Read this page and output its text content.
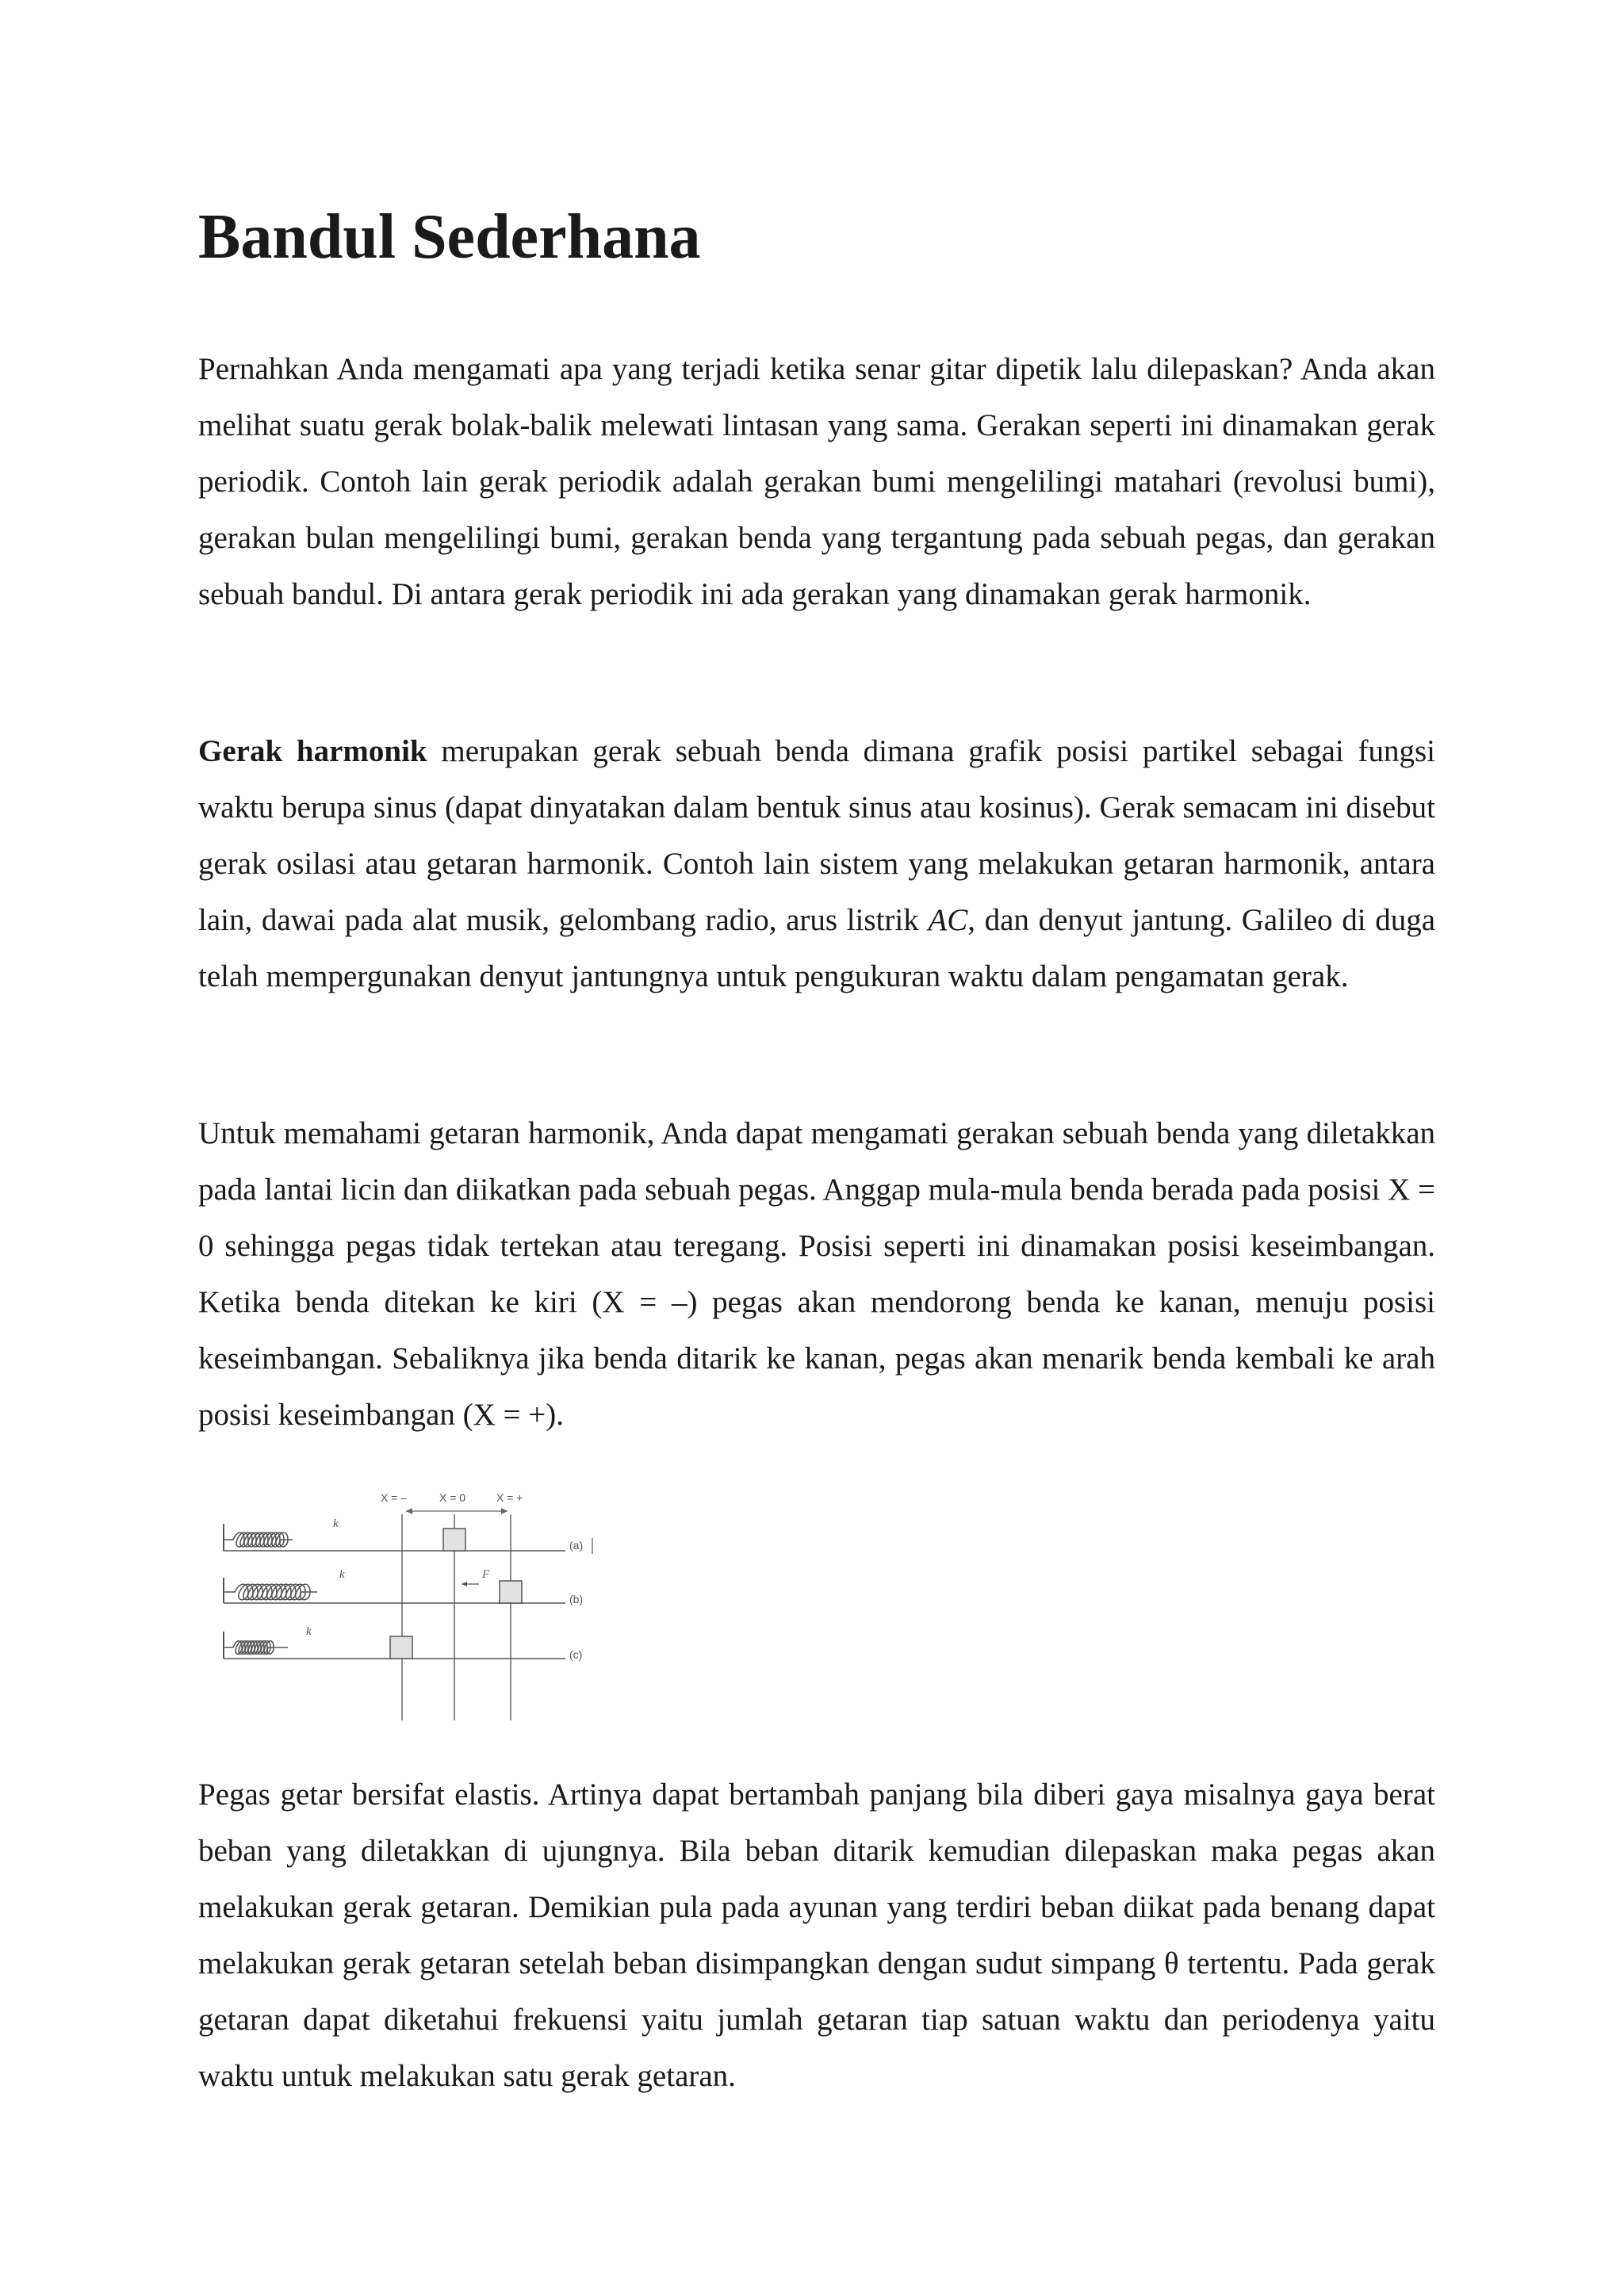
Bandul Sederhana

Pernahkan Anda mengamati apa yang terjadi ketika senar gitar dipetik lalu dilepaskan? Anda akan melihat suatu gerak bolak-balik melewati lintasan yang sama. Gerakan seperti ini dinamakan gerak periodik. Contoh lain gerak periodik adalah gerakan bumi mengelilingi matahari (revolusi bumi), gerakan bulan mengelilingi bumi, gerakan benda yang tergantung pada sebuah pegas, dan gerakan sebuah bandul. Di antara gerak periodik ini ada gerakan yang dinamakan gerak harmonik.

Gerak harmonik merupakan gerak sebuah benda dimana grafik posisi partikel sebagai fungsi waktu berupa sinus (dapat dinyatakan dalam bentuk sinus atau kosinus). Gerak semacam ini disebut gerak osilasi atau getaran harmonik. Contoh lain sistem yang melakukan getaran harmonik, antara lain, dawai pada alat musik, gelombang radio, arus listrik AC, dan denyut jantung. Galileo di duga telah mempergunakan denyut jantungnya untuk pengukuran waktu dalam pengamatan gerak.

Untuk memahami getaran harmonik, Anda dapat mengamati gerakan sebuah benda yang diletakkan pada lantai licin dan diikatkan pada sebuah pegas. Anggap mula-mula benda berada pada posisi X = 0 sehingga pegas tidak tertekan atau teregang. Posisi seperti ini dinamakan posisi keseimbangan. Ketika benda ditekan ke kiri (X = –) pegas akan mendorong benda ke kanan, menuju posisi keseimbangan. Sebaliknya jika benda ditarik ke kanan, pegas akan menarik benda kembali ke arah posisi keseimbangan (X = +).

X = –	X = 0	X = +
k
(a)
k	F
(b)
k
(c)

Pegas getar bersifat elastis. Artinya dapat bertambah panjang bila diberi gaya misalnya gaya berat beban yang diletakkan di ujungnya. Bila beban ditarik kemudian dilepaskan maka pegas akan melakukan gerak getaran. Demikian pula pada ayunan yang terdiri beban diikat pada benang dapat melakukan gerak getaran setelah beban disimpangkan dengan sudut simpang θ tertentu. Pada gerak getaran dapat diketahui frekuensi yaitu jumlah getaran tiap satuan waktu dan periodenya yaitu waktu untuk melakukan satu gerak getaran.
